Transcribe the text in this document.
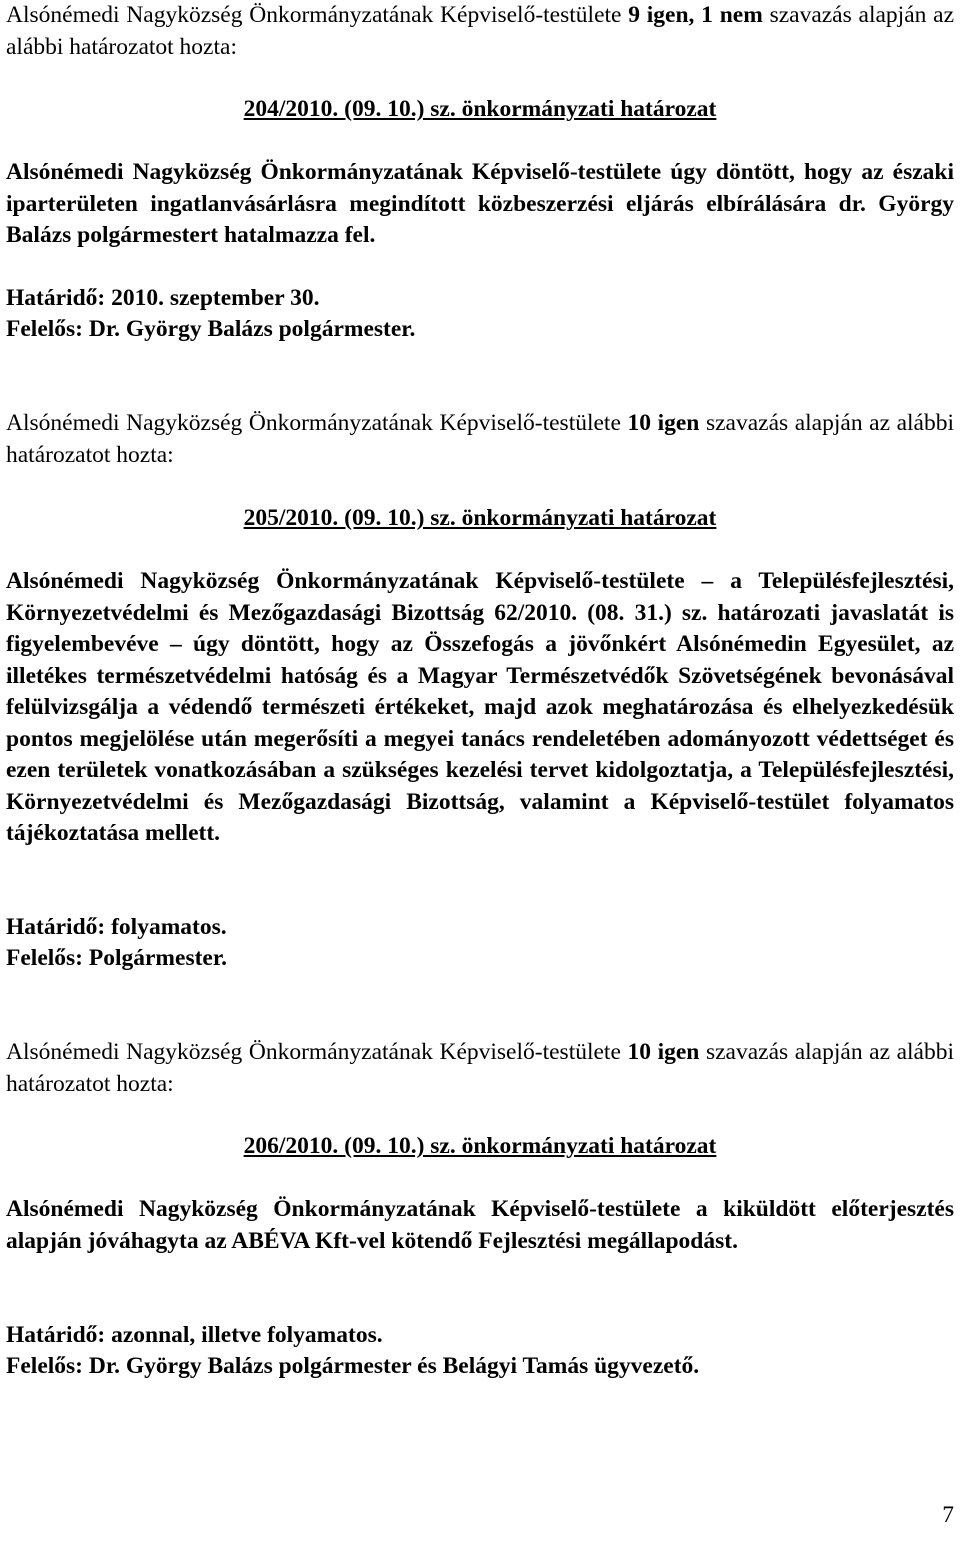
Alsónémedi Nagyközség Önkormányzatának Képviselő-testülete 9 igen, 1 nem szavazás alapján az alábbi határozatot hozta:

204/2010. (09. 10.) sz. önkormányzati határozat

Alsónémedi Nagyközség Önkormányzatának Képviselő-testülete úgy döntött, hogy az északi iparterületen ingatlanvásárlásra megindított közbeszerzési eljárás elbírálására dr. György Balázs polgármestert hatalmazza fel.

Határidő: 2010. szeptember 30.

Felelős: Dr. György Balázs polgármester.

Alsónémedi Nagyközség Önkormányzatának Képviselő-testülete 10 igen szavazás alapján az alábbi határozatot hozta:

205/2010. (09. 10.) sz. önkormányzati határozat

Alsónémedi Nagyközség Önkormányzatának Képviselő-testülete – a Településfejlesztési, Környezetvédelmi és Mezőgazdasági Bizottság 62/2010. (08. 31.) sz. határozati javaslatát is figyelembevéve – úgy döntött, hogy az Összefogás a jövőnkért Alsónémedin Egyesület, az illetékes természetvédelmi hatóság és a Magyar Természetvédők Szövetségének bevonásával felülvizsgálja a védendő természeti értékeket, majd azok meghatározása és elhelyezkedésük pontos megjelölése után megerősíti a megyei tanács rendeletében adományozott védettséget és ezen területek vonatkozásában a szükséges kezelési tervet kidolgoztatja, a Településfejlesztési, Környezetvédelmi és Mezőgazdasági Bizottság, valamint a Képviselő-testület folyamatos tájékoztatása mellett.

Határidő: folyamatos.

Felelős: Polgármester.

Alsónémedi Nagyközség Önkormányzatának Képviselő-testülete 10 igen szavazás alapján az alábbi határozatot hozta:

206/2010. (09. 10.) sz. önkormányzati határozat

Alsónémedi Nagyközség Önkormányzatának Képviselő-testülete a kiküldött előterjesztés alapján jóváhagyta az ABÉVA Kft-vel kötendő Fejlesztési megállapodást.

Határidő: azonnal, illetve folyamatos.

Felelős: Dr. György Balázs polgármester és Belágyi Tamás ügyvezető.

7
